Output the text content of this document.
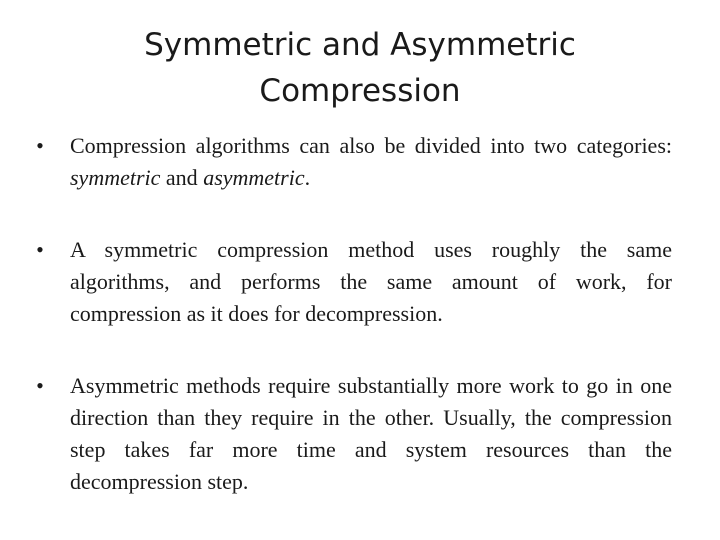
Symmetric and Asymmetric
Compression
• Compression algorithms can also be divided into two categories: symmetric and asymmetric.
• A symmetric compression method uses roughly the same algorithms, and performs the same amount of work, for compression as it does for decompression.
• Asymmetric methods require substantially more work to go in one direction than they require in the other. Usually, the compression step takes far more time and system resources than the decompression step.
